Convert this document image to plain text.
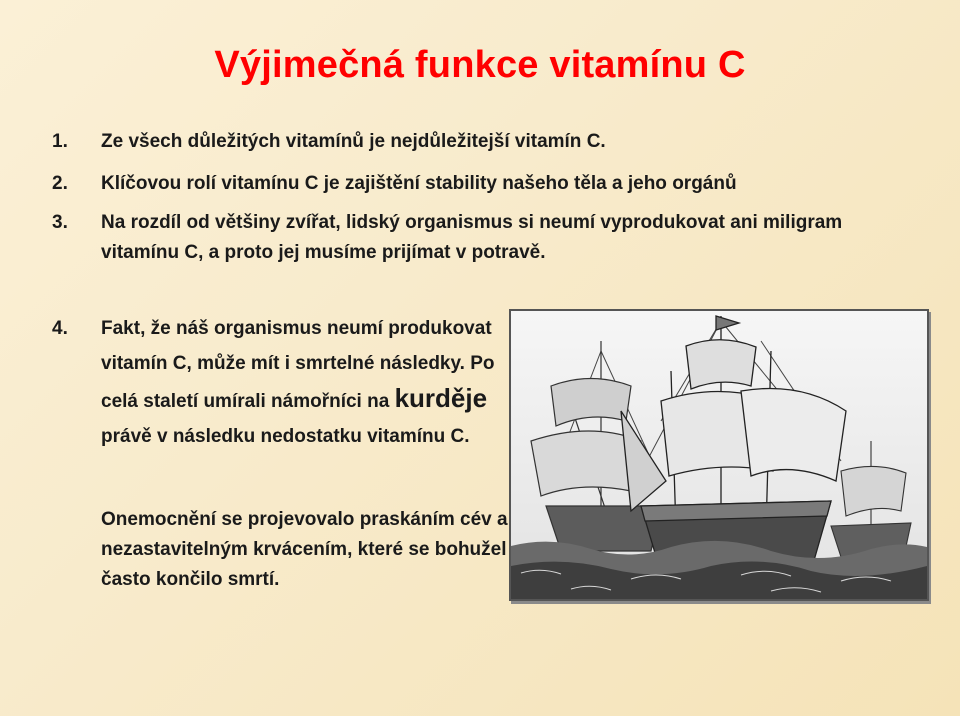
Výjimečná funkce vitamínu C
1.	Ze všech důležitých vitamínů je nejdůležitejší vitamín C.
2.	Klíčovou rolí vitamínu C je zajištění stability našeho těla a jeho orgánů
3.	Na rozdíl od většiny zvířat, lidský organismus si neumí vyprodukovat ani miligram vitamínu C, a proto jej musíme prijímat v potravě.
4.	Fakt, že náš organismus neumí produkovat vitamín C, může mít i smrtelné následky. Po celá staletí umírali námořníci na kurděje právě v následku nedostatku vitamínu C.
Onemocnění se projevovalo praskáním cév a nezastavitelným krvácením, které se bohužel často končilo smrtí.
